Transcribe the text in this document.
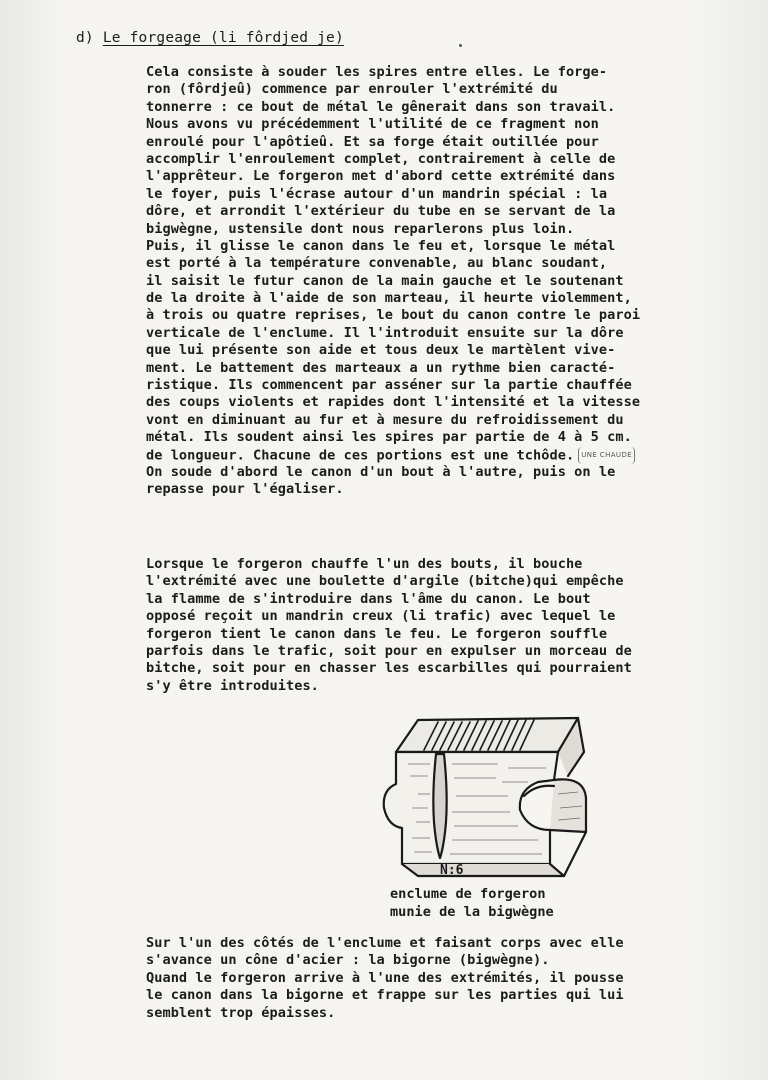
d) Le forgeage (li fôrdjed je)
Cela consiste à souder les spires entre elles. Le forge-
ron (fôrdjeû) commence par enrouler l'extrémité du
tonnerre : ce bout de métal le gênerait dans son travail.
Nous avons vu précédemment l'utilité de ce fragment non
enroulé pour l'apôtieû. Et sa forge était outillée pour
accomplir l'enroulement complet, contrairement à celle de
l'apprêteur. Le forgeron met d'abord cette extrémité dans
le foyer, puis l'écrase autour d'un mandrin spécial : la
dôre, et arrondit l'extérieur du tube en se servant de la
bigwègne, ustensile dont nous reparlerons plus loin.
Puis, il glisse le canon dans le feu et, lorsque le métal
est porté à la température convenable, au blanc soudant,
il saisit le futur canon de la main gauche et le soutenant
de la droite à l'aide de son marteau, il heurte violemment,
à trois ou quatre reprises, le bout du canon contre le paroi
verticale de l'enclume. Il l'introduit ensuite sur la dôre
que lui présente son aide et tous deux le martèlent vive-
ment. Le battement des marteaux a un rythme bien caracté-
ristique. Ils commencent par asséner sur la partie chauffée
des coups violents et rapides dont l'intensité et la vitesse
vont en diminuant au fur et à mesure du refroidissement du
métal. Ils soudent ainsi les spires par partie de 4 à 5 cm.
de longueur. Chacune de ces portions est une tchôde. UNE CHAUDE
On soude d'abord le canon d'un bout à l'autre, puis on le
repasse pour l'égaliser.
Lorsque le forgeron chauffe l'un des bouts, il bouche
l'extrémité avec une boulette d'argile (bitche)qui empêche
la flamme de s'introduire dans l'âme du canon. Le bout
opposé reçoit un mandrin creux (li trafic) avec lequel le
forgeron tient le canon dans le feu. Le forgeron souffle
parfois dans le trafic, soit pour en expulser un morceau de
bitche, soit pour en chasser les escarbilles qui pourraient
s'y être introduites.
N:6
enclume de forgeron
munie de la bigwègne
Sur l'un des côtés de l'enclume et faisant corps avec elle
s'avance un cône d'acier : la bigorne (bigwègne).
Quand le forgeron arrive à l'une des extrémités, il pousse
le canon dans la bigorne et frappe sur les parties qui lui
semblent trop épaisses.
